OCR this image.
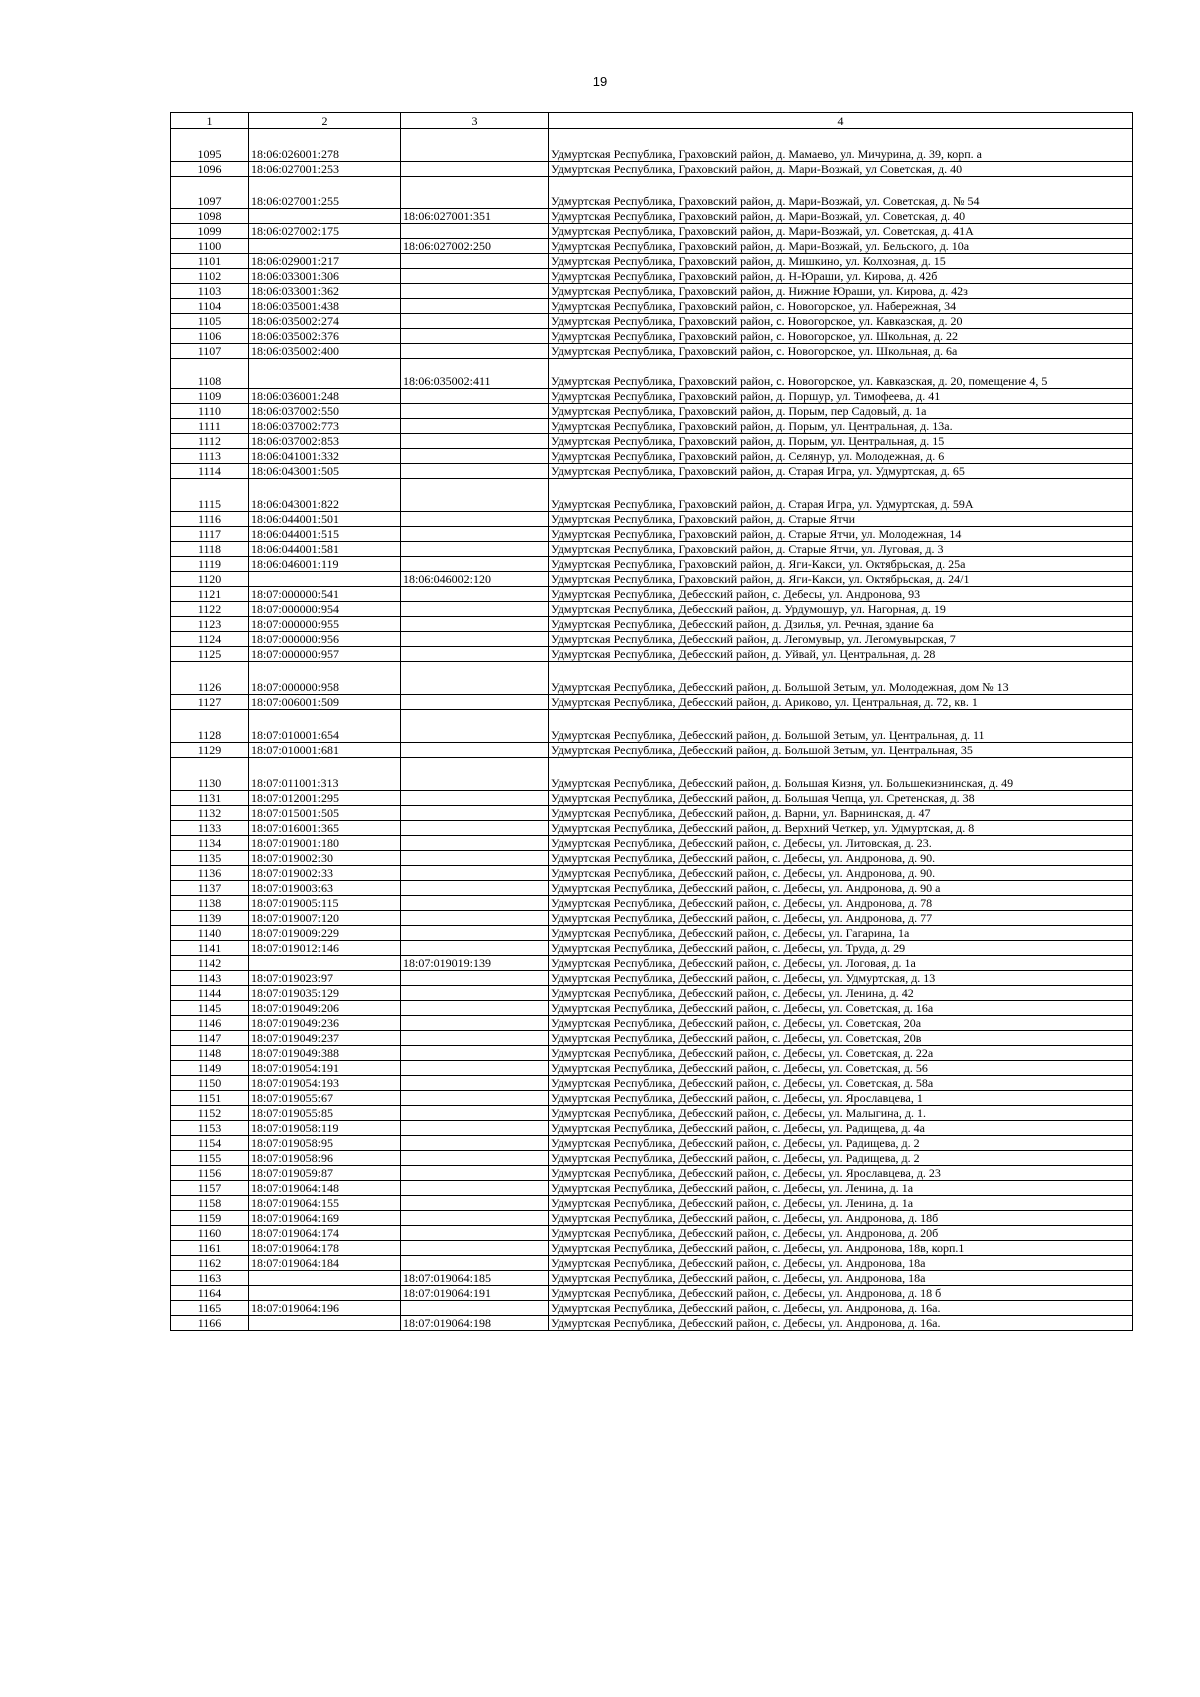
19
1	2	3	4
1095	18:06:026001:278		Удмуртская Республика, Граховский район, д. Мамаево, ул. Мичурина, д. 39, корп. а
1096	18:06:027001:253		Удмуртская Республика, Граховский район, д. Мари-Возжай, ул Советская, д. 40
1097	18:06:027001:255		Удмуртская Республика, Граховский район, д. Мари-Возжай, ул. Советская, д. № 54
1098		18:06:027001:351	Удмуртская Республика, Граховский район, д. Мари-Возжай, ул. Советская, д. 40
1099	18:06:027002:175		Удмуртская Республика, Граховский район, д. Мари-Возжай, ул. Советская, д. 41А
1100		18:06:027002:250	Удмуртская Республика, Граховский район, д. Мари-Возжай, ул. Бельского, д. 10а
1101	18:06:029001:217		Удмуртская Республика, Граховский район, д. Мишкино, ул. Колхозная, д. 15
1102	18:06:033001:306		Удмуртская Республика, Граховский район, д. Н-Юраши, ул. Кирова, д. 42б
1103	18:06:033001:362		Удмуртская Республика, Граховский район, д. Нижние Юраши, ул. Кирова, д. 42з
1104	18:06:035001:438		Удмуртская Республика, Граховский район, с. Новогорское, ул. Набережная, 34
1105	18:06:035002:274		Удмуртская Республика, Граховский район, с. Новогорское, ул. Кавказская, д. 20
1106	18:06:035002:376		Удмуртская Республика, Граховский район, с. Новогорское, ул. Школьная, д. 22
1107	18:06:035002:400		Удмуртская Республика, Граховский район, с. Новогорское, ул. Школьная, д. 6а
1108		18:06:035002:411	Удмуртская Республика, Граховский район, с. Новогорское, ул. Кавказская, д. 20, помещение 4, 5
1109	18:06:036001:248		Удмуртская Республика, Граховский район, д. Поршур, ул. Тимофеева, д. 41
1110	18:06:037002:550		Удмуртская Республика, Граховский район, д. Порым, пер Садовый, д. 1а
1111	18:06:037002:773		Удмуртская Республика, Граховский район, д. Порым, ул. Центральная, д. 13а.
1112	18:06:037002:853		Удмуртская Республика, Граховский район, д. Порым, ул. Центральная, д. 15
1113	18:06:041001:332		Удмуртская Республика, Граховский район, д. Селянур, ул. Молодежная, д. 6
1114	18:06:043001:505		Удмуртская Республика, Граховский район, д. Старая Игра, ул. Удмуртская, д. 65
1115	18:06:043001:822		Удмуртская Республика, Граховский район, д. Старая Игра, ул. Удмуртская, д. 59А
1116	18:06:044001:501		Удмуртская Республика, Граховский район, д. Старые Ятчи
1117	18:06:044001:515		Удмуртская Республика, Граховский район, д. Старые Ятчи, ул. Молодежная, 14
1118	18:06:044001:581		Удмуртская Республика, Граховский район, д. Старые Ятчи, ул. Луговая, д. 3
1119	18:06:046001:119		Удмуртская Республика, Граховский район, д. Яги-Какси, ул. Октябрьская, д. 25а
1120		18:06:046002:120	Удмуртская Республика, Граховский район, д. Яги-Какси, ул. Октябрьская, д. 24/1
1121	18:07:000000:541		Удмуртская Республика, Дебесский район, с. Дебесы, ул. Андронова, 93
1122	18:07:000000:954		Удмуртская Республика, Дебесский район, д. Урдумошур, ул. Нагорная, д. 19
1123	18:07:000000:955		Удмуртская Республика, Дебесский район, д. Дзилья, ул. Речная, здание 6а
1124	18:07:000000:956		Удмуртская Республика, Дебесский район, д. Легомувыр, ул. Легомувырская, 7
1125	18:07:000000:957		Удмуртская Республика, Дебесский район, д. Уйвай, ул. Центральная, д. 28
1126	18:07:000000:958		Удмуртская Республика, Дебесский район, д. Большой Зетым, ул. Молодежная, дом № 13
1127	18:07:006001:509		Удмуртская Республика, Дебесский район, д. Арикoво, ул. Центральная, д. 72, кв. 1
1128	18:07:010001:654		Удмуртская Республика, Дебесский район, д. Большой Зетым, ул. Центральная, д. 11
1129	18:07:010001:681		Удмуртская Республика, Дебесский район, д. Большой Зетым, ул. Центральная, 35
1130	18:07:011001:313		Удмуртская Республика, Дебесский район, д. Большая Кизня, ул. Большекизнинская, д. 49
1131	18:07:012001:295		Удмуртская Республика, Дебесский район, д. Большая Чепца, ул. Сретенская, д. 38
1132	18:07:015001:505		Удмуртская Республика, Дебесский район, д. Варни, ул. Варнинская, д. 47
1133	18:07:016001:365		Удмуртская Республика, Дебесский район, д. Верхний Четкер, ул. Удмуртская, д. 8
1134	18:07:019001:180		Удмуртская Республика, Дебесский район, с. Дебесы, ул. Литовская, д. 23.
1135	18:07:019002:30		Удмуртская Республика, Дебесский район, с. Дебесы, ул. Андронова, д. 90.
1136	18:07:019002:33		Удмуртская Республика, Дебесский район, с. Дебесы, ул. Андронова, д. 90.
1137	18:07:019003:63		Удмуртская Республика, Дебесский район, с. Дебесы, ул. Андронова, д. 90 а
1138	18:07:019005:115		Удмуртская Республика, Дебесский район, с. Дебесы, ул. Андронова, д. 78
1139	18:07:019007:120		Удмуртская Республика, Дебесский район, с. Дебесы, ул. Андронова, д. 77
1140	18:07:019009:229		Удмуртская Республика, Дебесский район, с. Дебесы, ул. Гагарина, 1а
1141	18:07:019012:146		Удмуртская Республика, Дебесский район, с. Дебесы, ул. Труда, д. 29
1142		18:07:019019:139	Удмуртская Республика, Дебесский район, с. Дебесы, ул. Логовая, д. 1а
1143	18:07:019023:97		Удмуртская Республика, Дебесский район, с. Дебесы, ул. Удмуртская, д. 13
1144	18:07:019035:129		Удмуртская Республика, Дебесский район, с. Дебесы, ул. Ленина, д. 42
1145	18:07:019049:206		Удмуртская Республика, Дебесский район, с. Дебесы, ул. Советская, д. 16а
1146	18:07:019049:236		Удмуртская Республика, Дебесский район, с. Дебесы, ул. Советская, 20а
1147	18:07:019049:237		Удмуртская Республика, Дебесский район, с. Дебесы, ул. Советская, 20в
1148	18:07:019049:388		Удмуртская Республика, Дебесский район, с. Дебесы, ул. Советская, д. 22а
1149	18:07:019054:191		Удмуртская Республика, Дебесский район, с. Дебесы, ул. Советская, д. 56
1150	18:07:019054:193		Удмуртская Республика, Дебесский район, с. Дебесы, ул. Советская, д. 58а
1151	18:07:019055:67		Удмуртская Республика, Дебесский район, с. Дебесы, ул. Ярославцева, 1
1152	18:07:019055:85		Удмуртская Республика, Дебесский район, с. Дебесы, ул. Малыгина, д. 1.
1153	18:07:019058:119		Удмуртская Республика, Дебесский район, с. Дебесы, ул. Радищева, д. 4а
1154	18:07:019058:95		Удмуртская Республика, Дебесский район, с. Дебесы, ул. Радищева, д. 2
1155	18:07:019058:96		Удмуртская Республика, Дебесский район, с. Дебесы, ул. Радищева, д. 2
1156	18:07:019059:87		Удмуртская Республика, Дебесский район, с. Дебесы, ул. Ярославцева, д. 23
1157	18:07:019064:148		Удмуртская Республика, Дебесский район, с. Дебесы, ул. Ленина, д. 1а
1158	18:07:019064:155		Удмуртская Республика, Дебесский район, с. Дебесы, ул. Ленина, д. 1а
1159	18:07:019064:169		Удмуртская Республика, Дебесский район, с. Дебесы, ул. Андронова, д. 18б
1160	18:07:019064:174		Удмуртская Республика, Дебесский район, с. Дебесы, ул. Андронова, д. 20б
1161	18:07:019064:178		Удмуртская Республика, Дебесский район, с. Дебесы, ул. Андронова, 18в, корп.1
1162	18:07:019064:184		Удмуртская Республика, Дебесский район, с. Дебесы, ул. Андронова, 18а
1163		18:07:019064:185	Удмуртская Республика, Дебесский район, с. Дебесы, ул. Андронова, 18а
1164		18:07:019064:191	Удмуртская Республика, Дебесский район, с. Дебесы, ул. Андронова, д. 18 б
1165	18:07:019064:196		Удмуртская Республика, Дебесский район, с. Дебесы, ул. Андронова, д. 16а.
1166		18:07:019064:198	Удмуртская Республика, Дебесский район, с. Дебесы, ул. Андронова, д. 16а.
